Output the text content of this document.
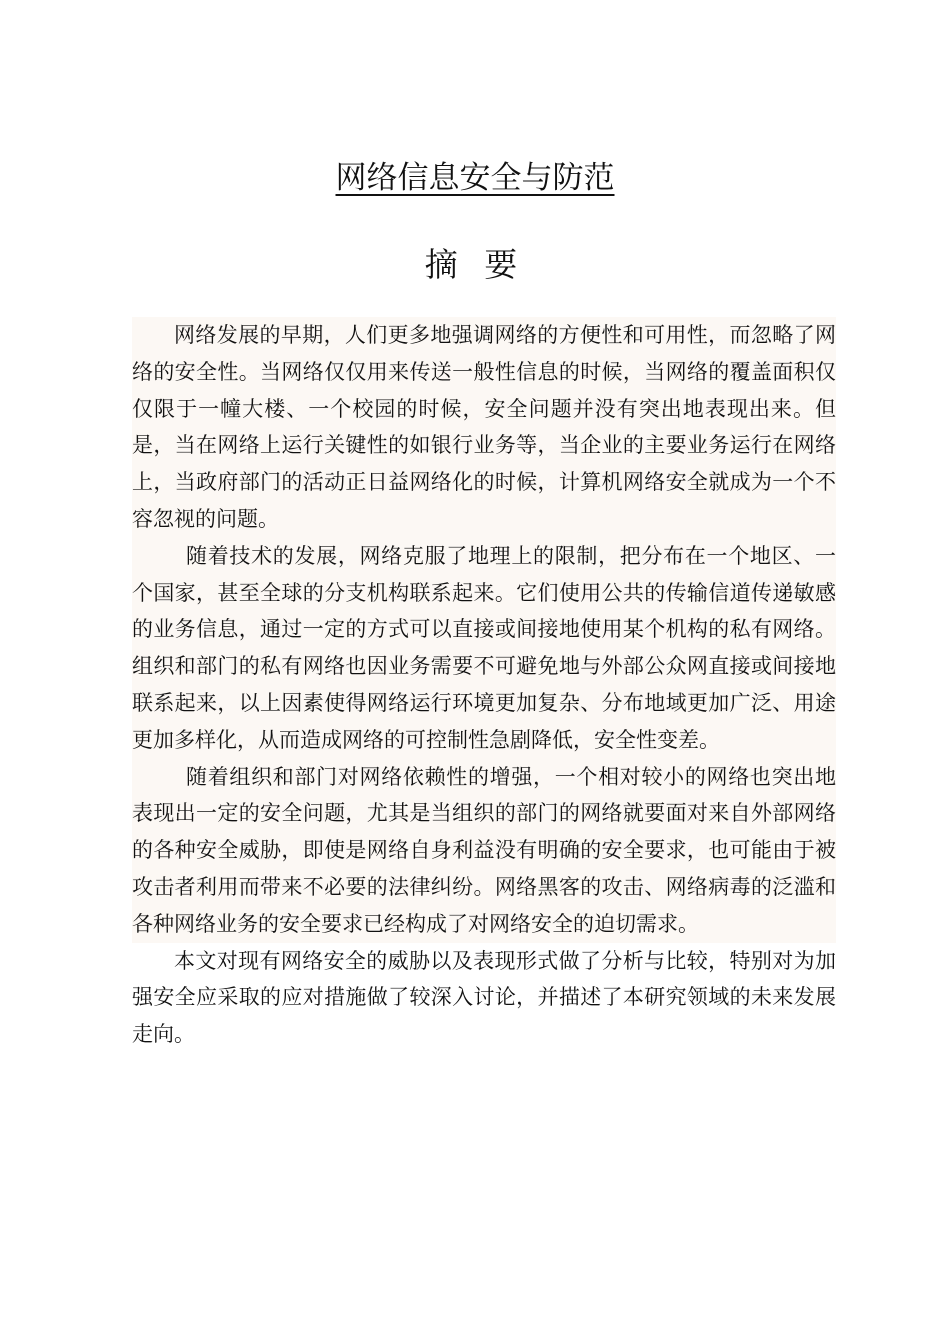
网络信息安全与防范
摘 要

网络发展的早期，人们更多地强调网络的方便性和可用性，而忽略了网络的安全性。当网络仅仅用来传送一般性信息的时候，当网络的覆盖面积仅仅限于一幢大楼、一个校园的时候，安全问题并没有突出地表现出来。但是，当在网络上运行关键性的如银行业务等，当企业的主要业务运行在网络上，当政府部门的活动正日益网络化的时候，计算机网络安全就成为一个不容忽视的问题。

随着技术的发展，网络克服了地理上的限制，把分布在一个地区、一个国家，甚至全球的分支机构联系起来。它们使用公共的传输信道传递敏感的业务信息，通过一定的方式可以直接或间接地使用某个机构的私有网络。组织和部门的私有网络也因业务需要不可避免地与外部公众网直接或间接地联系起来，以上因素使得网络运行环境更加复杂、分布地域更加广泛、用途更加多样化，从而造成网络的可控制性急剧降低，安全性变差。

随着组织和部门对网络依赖性的增强，一个相对较小的网络也突出地表现出一定的安全问题，尤其是当组织的部门的网络就要面对来自外部网络的各种安全威胁，即使是网络自身利益没有明确的安全要求，也可能由于被攻击者利用而带来不必要的法律纠纷。网络黑客的攻击、网络病毒的泛滥和各种网络业务的安全要求已经构成了对网络安全的迫切需求。

本文对现有网络安全的威胁以及表现形式做了分析与比较，特别对为加强安全应采取的应对措施做了较深入讨论，并描述了本研究领域的未来发展走向。
